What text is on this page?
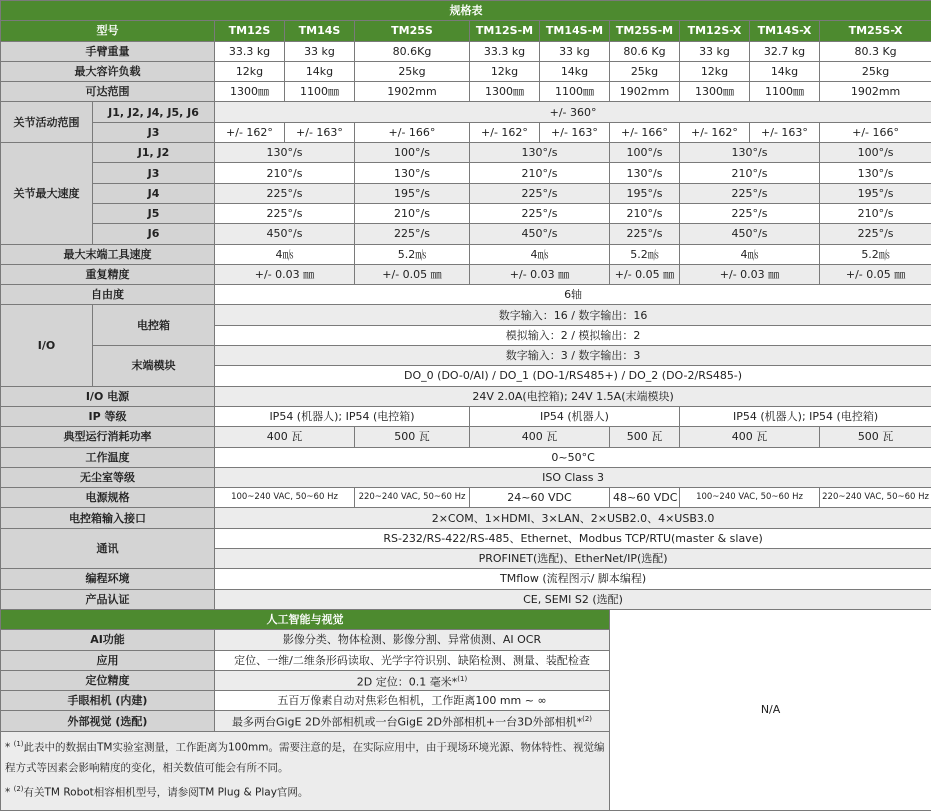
规格表										
型号		TM12S	TM14S	TM25S	TM12S-M	TM14S-M	TM25S-M	TM12S-X	TM14S-X	TM25S-X
手臂重量		33.3 kg	33 kg	80.6Kg	33.3 kg	33 kg	80.6 Kg	33 kg	32.7 kg	80.3 Kg
最大容许负载		12kg	14kg	25kg	12kg	14kg	25kg	12kg	14kg	25kg
可达范围		1300㎜	1100㎜	1902mm	1300㎜	1100㎜	1902mm	1300㎜	1100㎜	1902mm
关节活动范围	J1, J2, J4, J5, J6	+/- 360°								
	J3	+/- 162°	+/- 163°	+/- 166°	+/- 162°	+/- 163°	+/- 166°	+/- 162°	+/- 163°	+/- 166°
关节最大速度	J1, J2	130°/s		100°/s	130°/s		100°/s	130°/s		100°/s
	J3	210°/s		130°/s	210°/s		130°/s	210°/s		130°/s
	J4	225°/s		195°/s	225°/s		195°/s	225°/s		195°/s
	J5	225°/s		210°/s	225°/s		210°/s	225°/s		210°/s
	J6	450°/s		225°/s	450°/s		225°/s	450°/s		225°/s
最大末端工具速度		4㎧		5.2㎧	4㎧		5.2㎧	4㎧		5.2㎧
重复精度		+/- 0.03 ㎜		+/- 0.05 ㎜	+/- 0.03 ㎜		+/- 0.05 ㎜	+/- 0.03 ㎜		+/- 0.05 ㎜
自由度		6轴								
I/O	电控箱	数字输入：16 / 数字输出：16								
		模拟输入：2 / 模拟输出：2								
	末端模块	数字输入：3 / 数字输出：3								
		DO_0 (DO-0/AI) / DO_1 (DO-1/RS485+) / DO_2 (DO-2/RS485-)								
I/O 电源		24V 2.0A(电控箱); 24V 1.5A(末端模块)								
IP 等级		IP54 (机器人); IP54 (电控箱)			IP54 (机器人)			IP54 (机器人); IP54 (电控箱)		
典型运行消耗功率		400 瓦		500 瓦	400 瓦		500 瓦	400 瓦		500 瓦
工作温度		0~50°C								
无尘室等级		ISO Class 3								
电源规格		100~240 VAC, 50~60 Hz		220~240 VAC, 50~60 Hz	24~60 VDC		48~60 VDC	100~240 VAC, 50~60 Hz		220~240 VAC, 50~60 Hz
电控箱输入接口		2×COM、1×HDMI、3×LAN、2×USB2.0、4×USB3.0								
通讯		RS-232/RS-422/RS-485、Ethernet、Modbus TCP/RTU(master & slave)								
		PROFINET(选配)、EtherNet/IP(选配)								
编程环境		TMflow (流程图示/ 脚本编程)								
产品认证		CE, SEMI S2 (选配)								
人工智能与视觉							N/A			
AI功能		影像分类、物体检测、影像分割、异常侦测、AI OCR								
应用		定位、一维/二维条形码读取、光学字符识别、缺陷检测、测量、装配检查								
定位精度		2D 定位：0.1 毫米*$^{(1)}$
手眼相机 (内建)		五百万像素自动对焦彩色相机，工作距离100 mm ~ ∞								
外部视觉 (选配)		最多两台GigE 2D外部相机或一台GigE 2D外部相机+一台3D外部相机*$^{(2)}$

* $^{(1)}$此表中的数据由TM实验室测量，工作距离为100mm。需要注意的是，在实际应用中，由于现场环境光源、物体特性、视觉编程方式等因素会影响精度的变化，相关数值可能会有所不同。
* $^{(2)}$有关TM Robot相容相机型号，请参阅TM Plug & Play官网。										
